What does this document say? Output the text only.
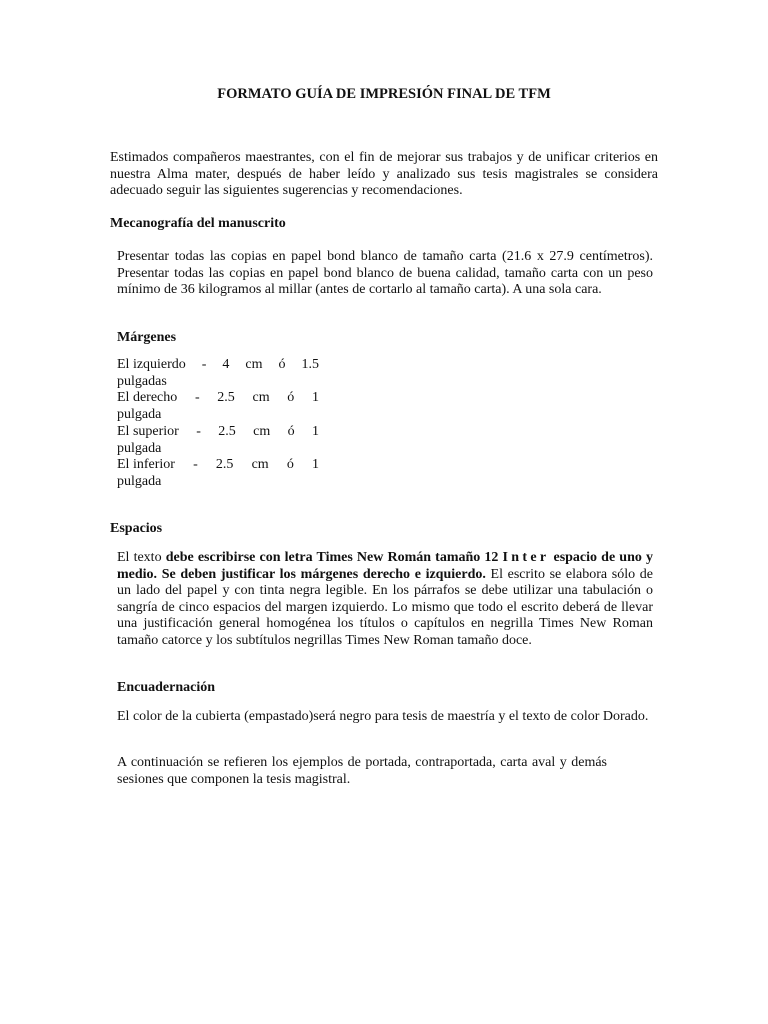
FORMATO GUÍA DE IMPRESIÓN FINAL DE TFM

Estimados compañeros maestrantes, con el fin de mejorar sus trabajos y de unificar criterios en nuestra Alma mater, después de haber leído y analizado sus tesis magistrales se considera adecuado seguir las siguientes sugerencias y recomendaciones.

Mecanografía del manuscrito

Presentar todas las copias en papel bond blanco de tamaño carta (21.6 x 27.9 centímetros). Presentar todas las copias en papel bond blanco de buena calidad, tamaño carta con un peso mínimo de 36 kilogramos al millar (antes de cortarlo al tamaño carta). A una sola cara.

Márgenes
El izquierdo - 4 cm ó 1.5
pulgadas
El derecho - 2.5 cm ó 1
pulgada
El superior - 2.5 cm ó 1
pulgada
El inferior - 2.5 cm ó 1
pulgada
Espacios

El texto debe escribirse con letra Times New Román tamaño 12 Inter espacio de uno y medio. Se deben justificar los márgenes derecho e izquierdo. El escrito se elabora sólo de un lado del papel y con tinta negra legible. En los párrafos se debe utilizar una tabulación o sangría de cinco espacios del margen izquierdo. Lo mismo que todo el escrito deberá de llevar una justificación general homogénea los títulos o capítulos en negrilla Times New Roman tamaño catorce y los subtítulos negrillas Times New Roman tamaño doce.

Encuadernación

El color de la cubierta (empastado)será negro para tesis de maestría y el texto de color Dorado.

A continuación se refieren los ejemplos de portada, contraportada, carta aval y demás sesiones que componen la tesis magistral.
